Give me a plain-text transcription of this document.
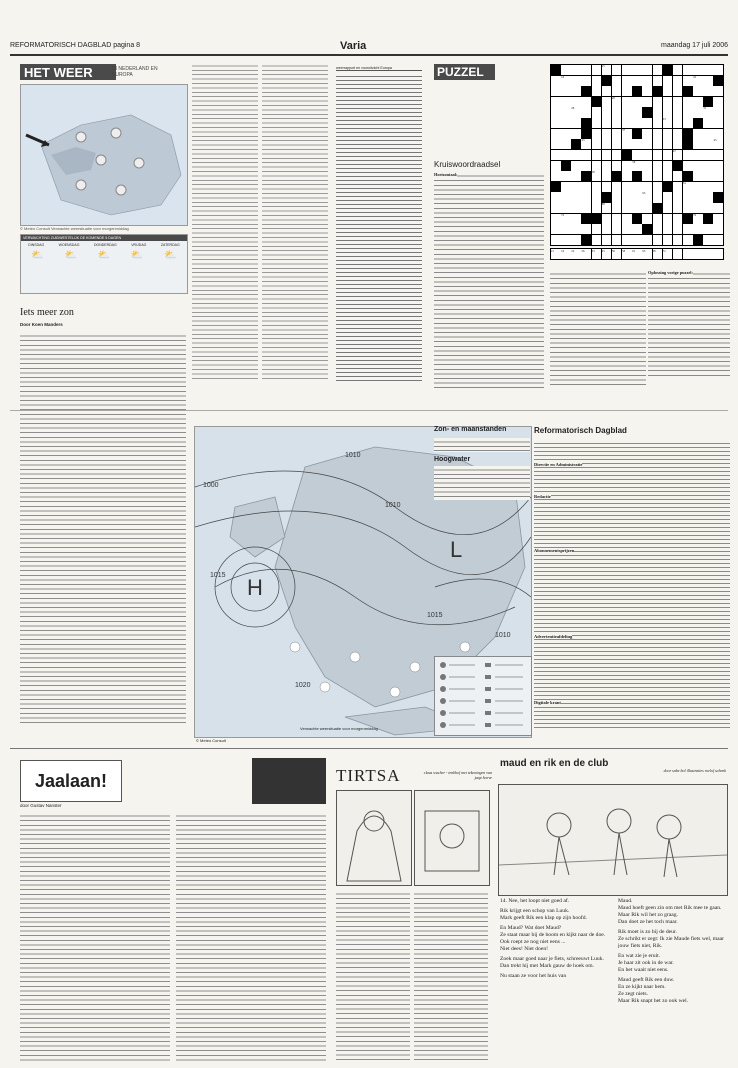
REFORMATORISCH DAGBLAD pagina 8	Varia	maandag 17 juli 2006
HET WEER	IN NEDERLAND EN EUROPA
© Meteo Consult Verwachte weersituatie voor morgenmiddag
VERWACHTING ZUIDWESTELIJK DE KOMENDE 5 DAGEN
DINSDAG	WOENSDAG	DONDERDAG	VRIJDAG	ZATERDAG
⛅ ⛅ ⛅ ⛅ ⛅
weerrapport en vooruitzicht Europa
Iets meer zon
Door Koen Manders
H
L
1000
1015
1010
1010
1020
1015
1010
© Meteo Consult
Verwachte weersituatie voor morgenmiddag
PUZZEL
Kruiswoordraadsel
Horizontaal:
Oplossing vorige puzzel:
15
16	22
26
28	31
33
37
43	45
47
56
58
61
65
68
72	76
15	16	22	26	33	45	56	58	61	65	68	72
Zon- en maanstanden
Hoogwater
Reformatorisch Dagblad
Directie en Administratie
Redactie
Abonnementsprijzen
Advertentieafdeling
Digitale krant
Jaalaan!
door Gustav Nanster
TIRTSA	claus wacher - tenkhof met tekeningen van jaap hoeve
maud en rik en de club
door sabe bol illustraties roelof schenk
14. Nee, het loopt niet goed af.
Rik krijgt een schop van Luuk.
Mark geeft Rik een klap op zijn hoofd.
En Maud? Wat doet Maud?
Ze staat maar bij de boom en kijkt naar de doe.
Ook roept ze nog niet eens ...
Niet dees! Niet doen!
Zoek maar goed naar je fiets, schreeuwt Luuk.
Dan trekt hij met Mark gauw de hoek om.
Nu staan ze voor het huis van
Maud.
Maud hoeft geen zin om met Rik mee te gaan.
Maar Rik wil het zo graag.
Dan doet ze het toch maar.
Rik moet is zo bij de deur.
Ze schrikt er zegt: Ik zie Maude fiets wel, maar jouw fiets niet, Rik.
En wat zie je eruit.
Je haar zit ook in de war.
En het waait niet eens.
Maud geeft Rik een duw.
En ze kijkt naar hem.
Ze zegt niets.
Maar Rik snapt het zo ook wel.
